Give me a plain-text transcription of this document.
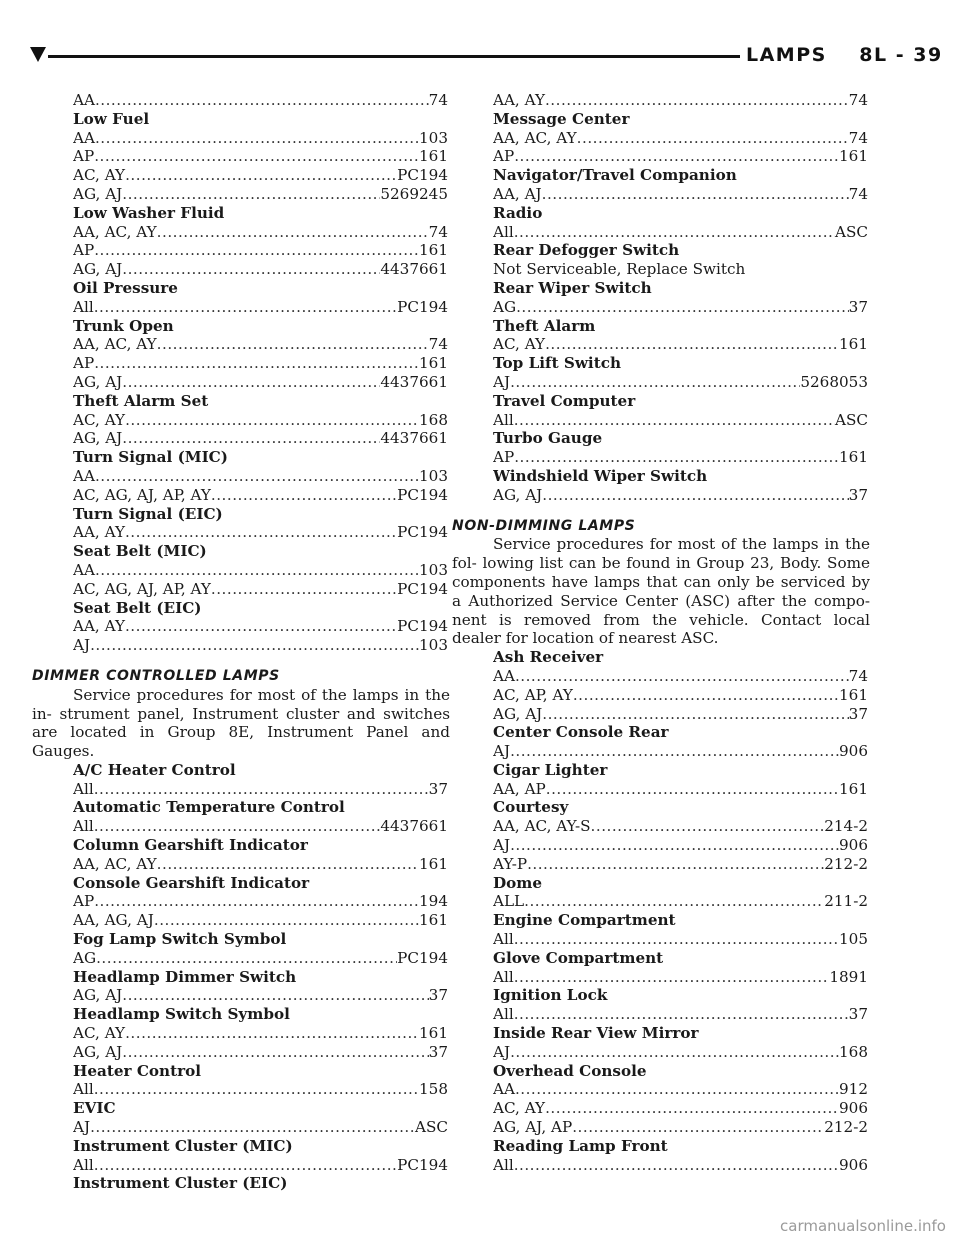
LAMPS    8L - 39
AA .....	74
Low Fuel
AA .....	103
AP .....	161
AC, AY .....	PC194
AG, AJ .....	5269245
Low Washer Fluid
AA, AC, AY .....	74
AP .....	161
AG, AJ .....	4437661
Oil Pressure
All .....	PC194
Trunk Open
AA, AC, AY .....	74
AP .....	161
AG, AJ .....	4437661
Theft Alarm Set
AC, AY .....	168
AG, AJ .....	4437661
Turn Signal (MIC)
AA .....	103
AC, AG, AJ, AP, AY .....	PC194
Turn Signal (EIC)
AA, AY .....	PC194
Seat Belt (MIC)
AA .....	103
AC, AG, AJ, AP, AY .....	PC194
Seat Belt (EIC)
AA, AY .....	PC194
AJ .....	103
DIMMER CONTROLLED LAMPS
Service procedures for most of the lamps in the in- strument panel, Instrument cluster and switches are located in Group 8E, Instrument Panel and Gauges.
A/C Heater Control
All .....	37
Automatic Temperature Control
All .....	4437661
Column Gearshift Indicator
AA, AC, AY .....	161
Console Gearshift Indicator
AP .....	194
AA, AG, AJ .....	161
Fog Lamp Switch Symbol
AG .....	PC194
Headlamp Dimmer Switch
AG, AJ .....	37
Headlamp Switch Symbol
AC, AY .....	161
AG, AJ .....	37
Heater Control
All .....	158
EVIC
AJ .....	ASC
Instrument Cluster (MIC)
All .....	PC194
Instrument Cluster (EIC)
AA, AY .....	74
Message Center
AA, AC, AY .....	74
AP .....	161
Navigator/Travel Companion
AA, AJ .....	74
Radio
All .....	ASC
Rear Defogger Switch
Not Serviceable, Replace Switch
Rear Wiper Switch
AG .....	37
Theft Alarm
AC, AY .....	161
Top Lift Switch
AJ .....	5268053
Travel Computer
All .....	ASC
Turbo Gauge
AP .....	161
Windshield Wiper Switch
AG, AJ .....	37
NON-DIMMING LAMPS
Service procedures for most of the lamps in the fol- lowing list can be found in Group 23, Body. Some components have lamps that can only be serviced by a Authorized Service Center (ASC) after the compo- nent is removed from the vehicle. Contact local dealer for location of nearest ASC.
Ash Receiver
AA .....	74
AC, AP, AY .....	161
AG, AJ .....	37
Center Console Rear
AJ .....	906
Cigar Lighter
AA, AP .....	161
Courtesy
AA, AC, AY-S .....	214-2
AJ .....	906
AY-P .....	212-2
Dome
ALL .....	211-2
Engine Compartment
All .....	105
Glove Compartment
All .....	1891
Ignition Lock
All .....	37
Inside Rear View Mirror
AJ .....	168
Overhead Console
AA .....	912
AC, AY .....	906
AG, AJ, AP .....	212-2
Reading Lamp Front
All .....	906
carmanualsonline.info
